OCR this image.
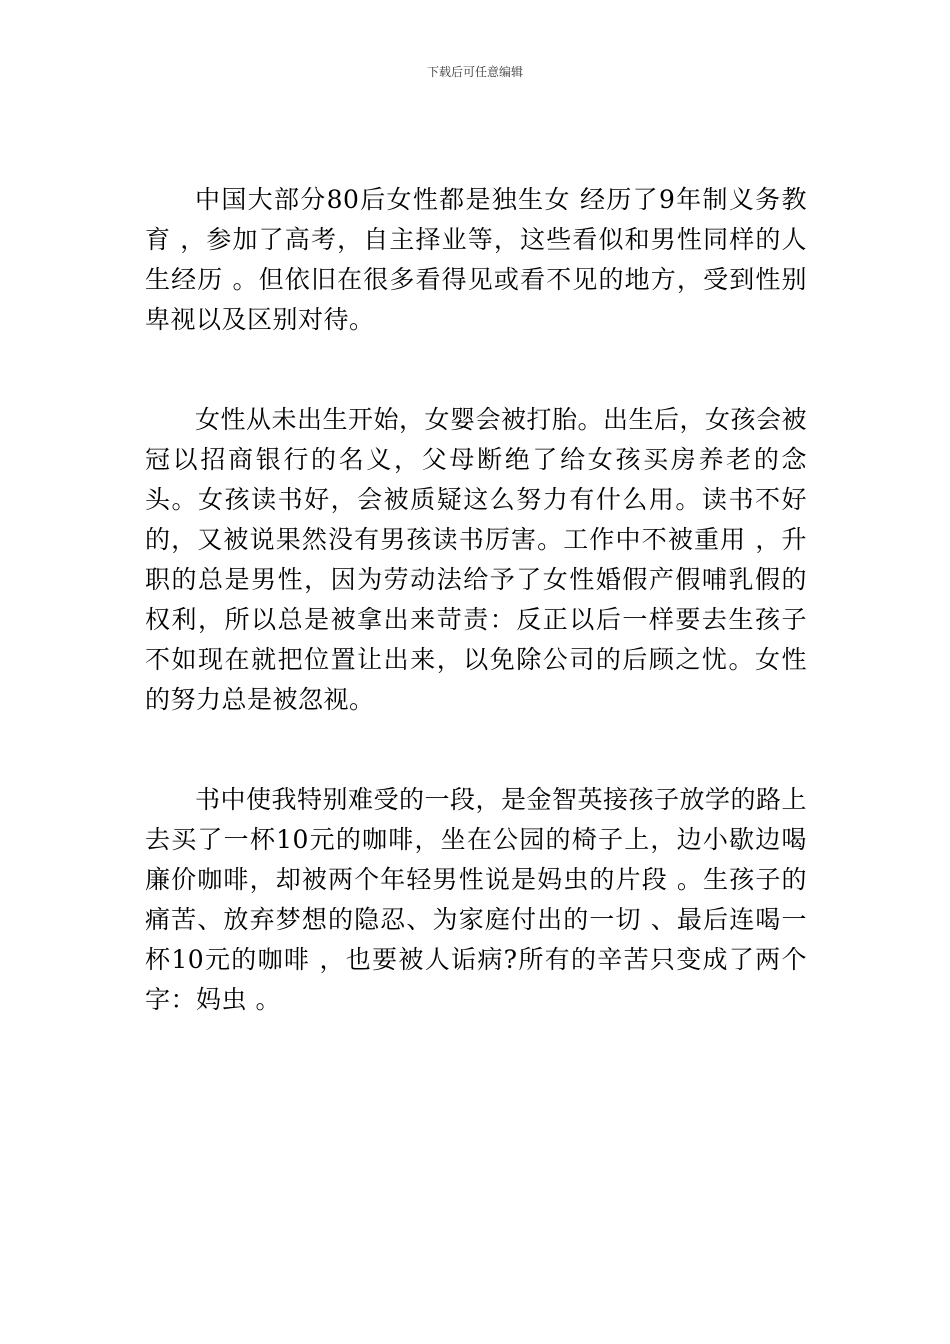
下载后可任意编辑

中国大部分80后女性都是独生女 经历了9年制义务教育 ，参加了高考，自主择业等，这些看似和男性同样的人生经历 。但依旧在很多看得见或看不见的地方，受到性别卑视以及区别对待。

女性从未出生开始，女婴会被打胎。出生后，女孩会被冠以招商银行的名义，父母断绝了给女孩买房养老的念头。女孩读书好，会被质疑这么努力有什么用。读书不好的，又被说果然没有男孩读书厉害。工作中不被重用 ，升职的总是男性，因为劳动法给予了女性婚假产假哺乳假的权利，所以总是被拿出来苛责：反正以后一样要去生孩子不如现在就把位置让出来，以免除公司的后顾之忧。女性的努力总是被忽视。

书中使我特别难受的一段，是金智英接孩子放学的路上去买了一杯10元的咖啡，坐在公园的椅子上，边小歇边喝廉价咖啡，却被两个年轻男性说是妈虫的片段 。生孩子的痛苦、放弃梦想的隐忍、为家庭付出的一切 、最后连喝一杯10元的咖啡 ，也要被人诟病?所有的辛苦只变成了两个字：妈虫 。
